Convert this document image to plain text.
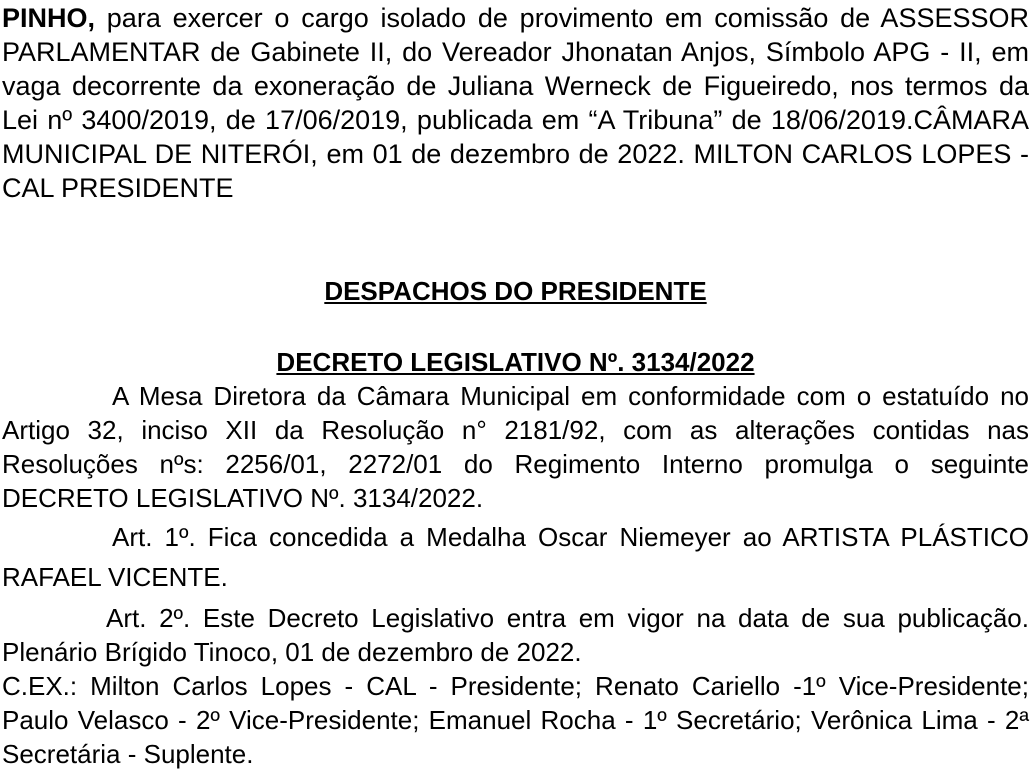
PINHO, para exercer o cargo isolado de provimento em comissão de ASSESSOR PARLAMENTAR de Gabinete II, do Vereador Jhonatan Anjos, Símbolo APG - II, em vaga decorrente da exoneração de Juliana Werneck de Figueiredo, nos termos da Lei nº 3400/2019, de 17/06/2019, publicada em “A Tribuna” de 18/06/2019.CÂMARA MUNICIPAL DE NITERÓI, em 01 de dezembro de 2022. MILTON CARLOS LOPES - CAL PRESIDENTE

DESPACHOS DO PRESIDENTE
DECRETO LEGISLATIVO Nº. 3134/2022

A Mesa Diretora da Câmara Municipal em conformidade com o estatuído no Artigo 32, inciso XII da Resolução n° 2181/92, com as alterações contidas nas Resoluções nºs: 2256/01, 2272/01 do Regimento Interno promulga o seguinte DECRETO LEGISLATIVO Nº. 3134/2022.

Art. 1º. Fica concedida a Medalha Oscar Niemeyer ao ARTISTA PLÁSTICO RAFAEL VICENTE.

Art. 2º. Este Decreto Legislativo entra em vigor na data de sua publicação. Plenário Brígido Tinoco, 01 de dezembro de 2022.

C.EX.: Milton Carlos Lopes - CAL - Presidente; Renato Cariello -1º Vice-Presidente; Paulo Velasco - 2º Vice-Presidente; Emanuel Rocha - 1º Secretário; Verônica Lima - 2ª Secretária - Suplente.
